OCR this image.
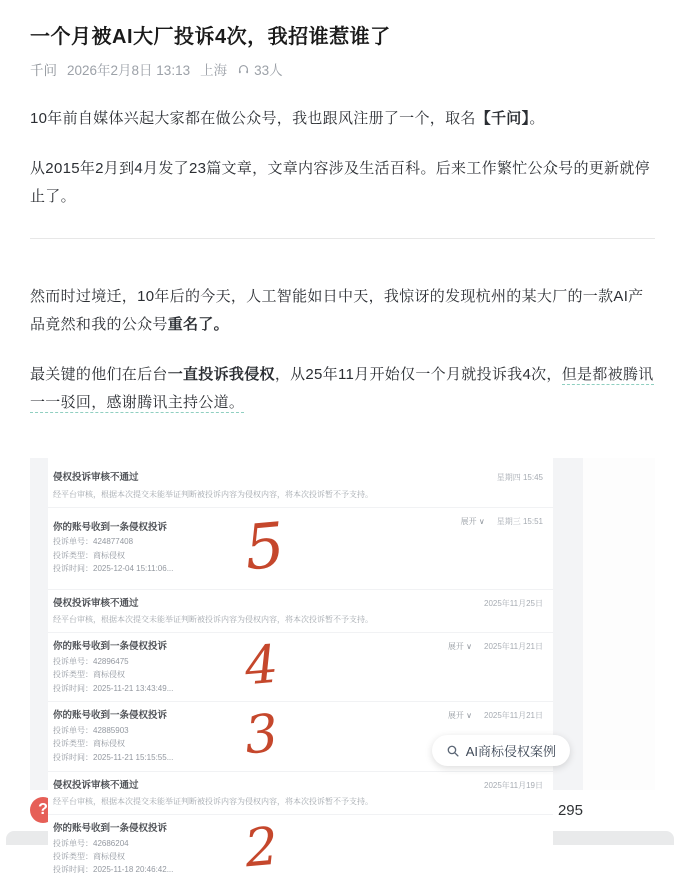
一个月被AI大厂投诉4次，我招谁惹谁了
千问 2026年2月8日 13:13 上海 33人

10年前自媒体兴起大家都在做公众号，我也跟风注册了一个，取名【千问】。

从2015年2月到4月发了23篇文章，文章内容涉及生活百科。后来工作繁忙公众号的更新就停止了。

然而时过境迁，10年后的今天，人工智能如日中天，我惊讶的发现杭州的某大厂的一款AI产品竟然和我的公众号重名了。

最关键的他们在后台一直投诉我侵权，从25年11月开始仅一个月就投诉我4次，但是都被腾讯一一驳回，感谢腾讯主持公道。

侵权投诉审核不通过
经平台审核，根据本次提交未能举证判断被投诉内容为侵权内容，将本次投诉暂不予支持。
星期四 15:45
你的账号收到一条侵权投诉
投诉单号：424877408
投诉类型：商标侵权
投诉时间：2025-12-04 15:11:06...	5	展开 ∨ 星期三 15:51
侵权投诉审核不通过
经平台审核，根据本次提交未能举证判断被投诉内容为侵权内容，将本次投诉暂不予支持。
2025年11月25日
你的账号收到一条侵权投诉
投诉单号：42896475
投诉类型：商标侵权
投诉时间：2025-11-21 13:43:49...	4	展开 ∨ 2025年11月21日
你的账号收到一条侵权投诉
投诉单号：42885903
投诉类型：商标侵权
投诉时间：2025-11-21 15:15:55...	3	展开 ∨ 2025年11月21日
侵权投诉审核不通过
经平台审核，根据本次提交未能举证判断被投诉内容为侵权内容，将本次投诉暂不予支持。
2025年11月19日
你的账号收到一条侵权投诉
投诉单号：42686204
投诉类型：商标侵权
投诉时间：2025-11-18 20:46:42...	2
AI商标侵权案例
?	295
